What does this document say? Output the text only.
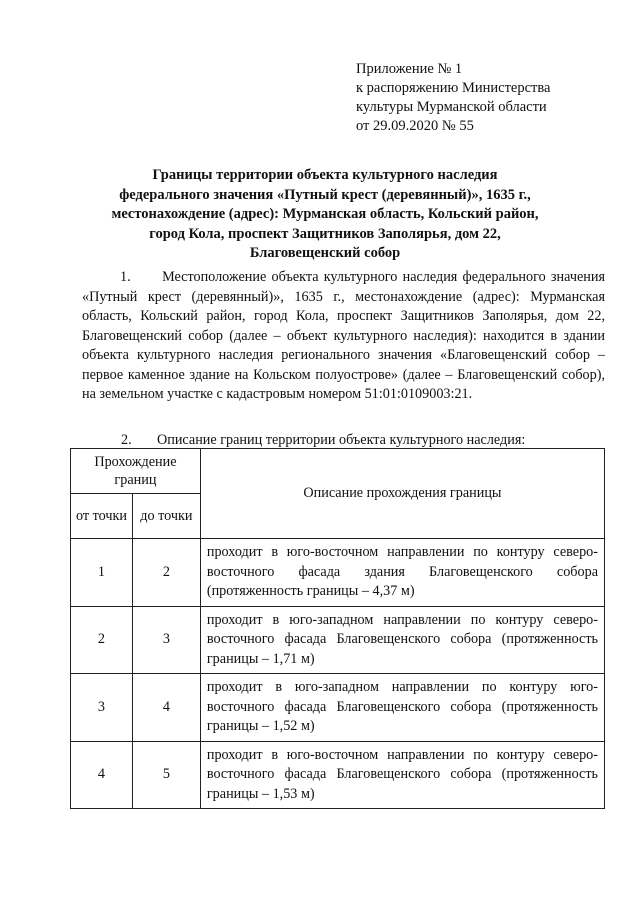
Приложение № 1
к распоряжению Министерства
культуры Мурманской области
от 29.09.2020 № 55
Границы территории объекта культурного наследия
федерального значения «Путный крест (деревянный)», 1635 г.,
местонахождение (адрес): Мурманская область, Кольский район,
город Кола, проспект Защитников Заполярья, дом 22,
Благовещенский собор
1. Местоположение объекта культурного наследия федерального значения «Путный крест (деревянный)», 1635 г., местонахождение (адрес): Мурманская область, Кольский район, город Кола, проспект Защитников Заполярья, дом 22, Благовещенский собор (далее – объект культурного наследия): находится в здании объекта культурного наследия регионального значения «Благовещенский собор – первое каменное здание на Кольском полуострове» (далее – Благовещенский собор), на земельном участке с кадастровым номером 51:01:0109003:21.
2. Описание границ территории объекта культурного наследия:
Прохождение границ		Описание прохождения границы
от точки	до точки	
1	2	проходит в юго-восточном направлении по контуру северо-восточного фасада здания Благовещенского собора (протяженность границы – 4,37 м)
2	3	проходит в юго-западном направлении по контуру северо-восточного фасада Благовещенского собора (протяженность границы – 1,71 м)
3	4	проходит в юго-западном направлении по контуру юго-восточного фасада Благовещенского собора (протяженность границы – 1,52 м)
4	5	проходит в юго-восточном направлении по контуру северо-восточного фасада Благовещенского собора (протяженность границы – 1,53 м)
